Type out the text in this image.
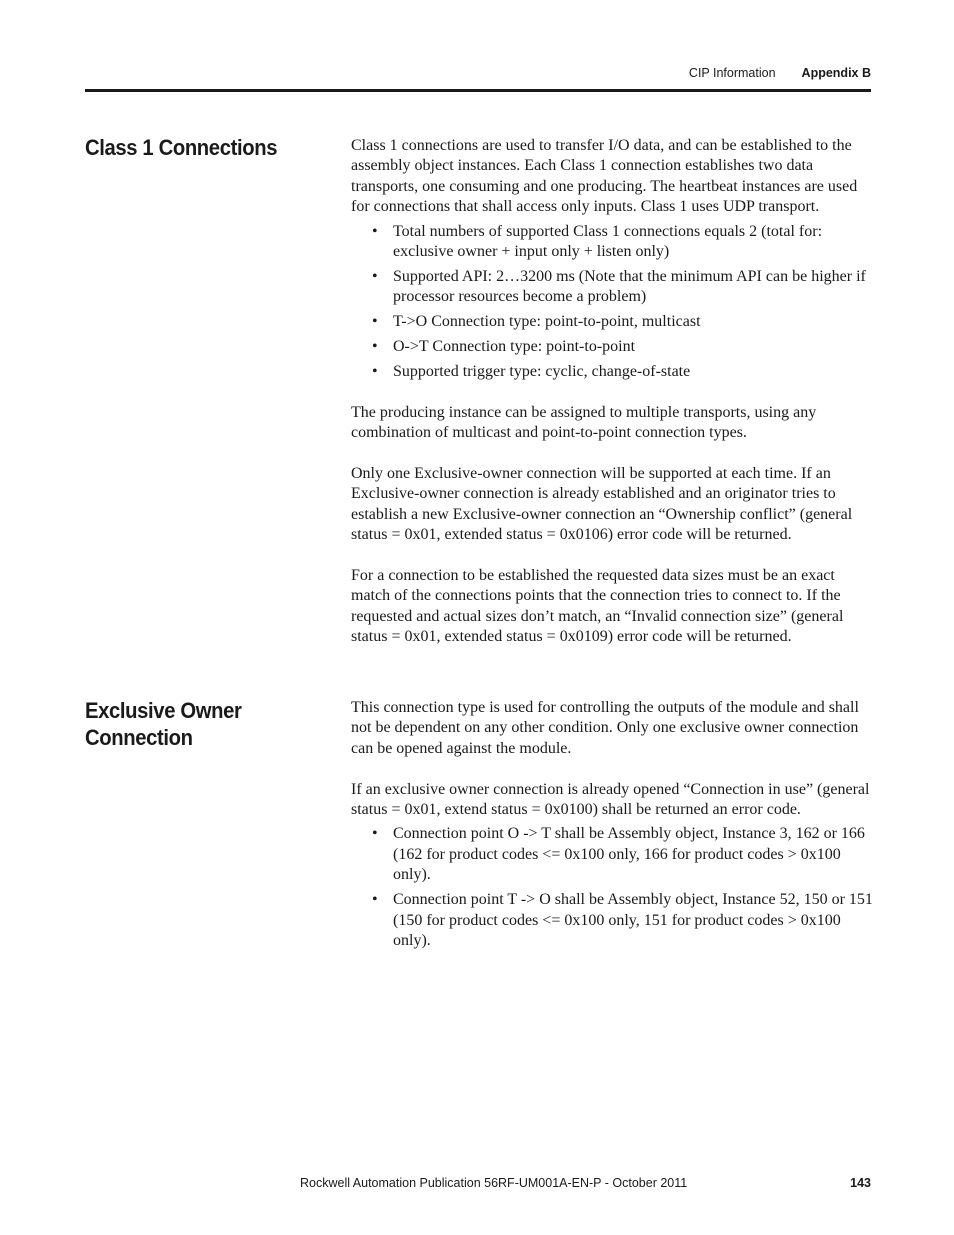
CIP Information Appendix B
Class 1 Connections	Class 1 connections are used to transfer I/O data, and can be established to the assembly object instances. Each Class 1 connection establishes two data transports, one consuming and one producing. The heartbeat instances are used for connections that shall access only inputs. Class 1 uses UDP transport.

• Total numbers of supported Class 1 connections equals 2 (total for: exclusive owner + input only + listen only)
• Supported API: 2…3200 ms (Note that the minimum API can be higher if processor resources become a problem)
• T->O Connection type: point-to-point, multicast
• O->T Connection type: point-to-point
• Supported trigger type: cyclic, change-of-state

The producing instance can be assigned to multiple transports, using any combination of multicast and point-to-point connection types.

Only one Exclusive-owner connection will be supported at each time. If an Exclusive-owner connection is already established and an originator tries to establish a new Exclusive-owner connection an “Ownership conflict” (general status = 0x01, extended status = 0x0106) error code will be returned.

For a connection to be established the requested data sizes must be an exact match of the connections points that the connection tries to connect to. If the requested and actual sizes don’t match, an “Invalid connection size” (general status = 0x01, extended status = 0x0109) error code will be returned.

Exclusive Owner Connection

This connection type is used for controlling the outputs of the module and shall not be dependent on any other condition. Only one exclusive owner connection can be opened against the module.

If an exclusive owner connection is already opened “Connection in use” (general status = 0x01, extend status = 0x0100) shall be returned an error code.

• Connection point O -> T shall be Assembly object, Instance 3, 162 or 166 (162 for product codes <= 0x100 only, 166 for product codes > 0x100 only).
• Connection point T -> O shall be Assembly object, Instance 52, 150 or 151 (150 for product codes <= 0x100 only, 151 for product codes > 0x100 only).
Rockwell Automation Publication 56RF-UM001A-EN-P - October 2011	143
